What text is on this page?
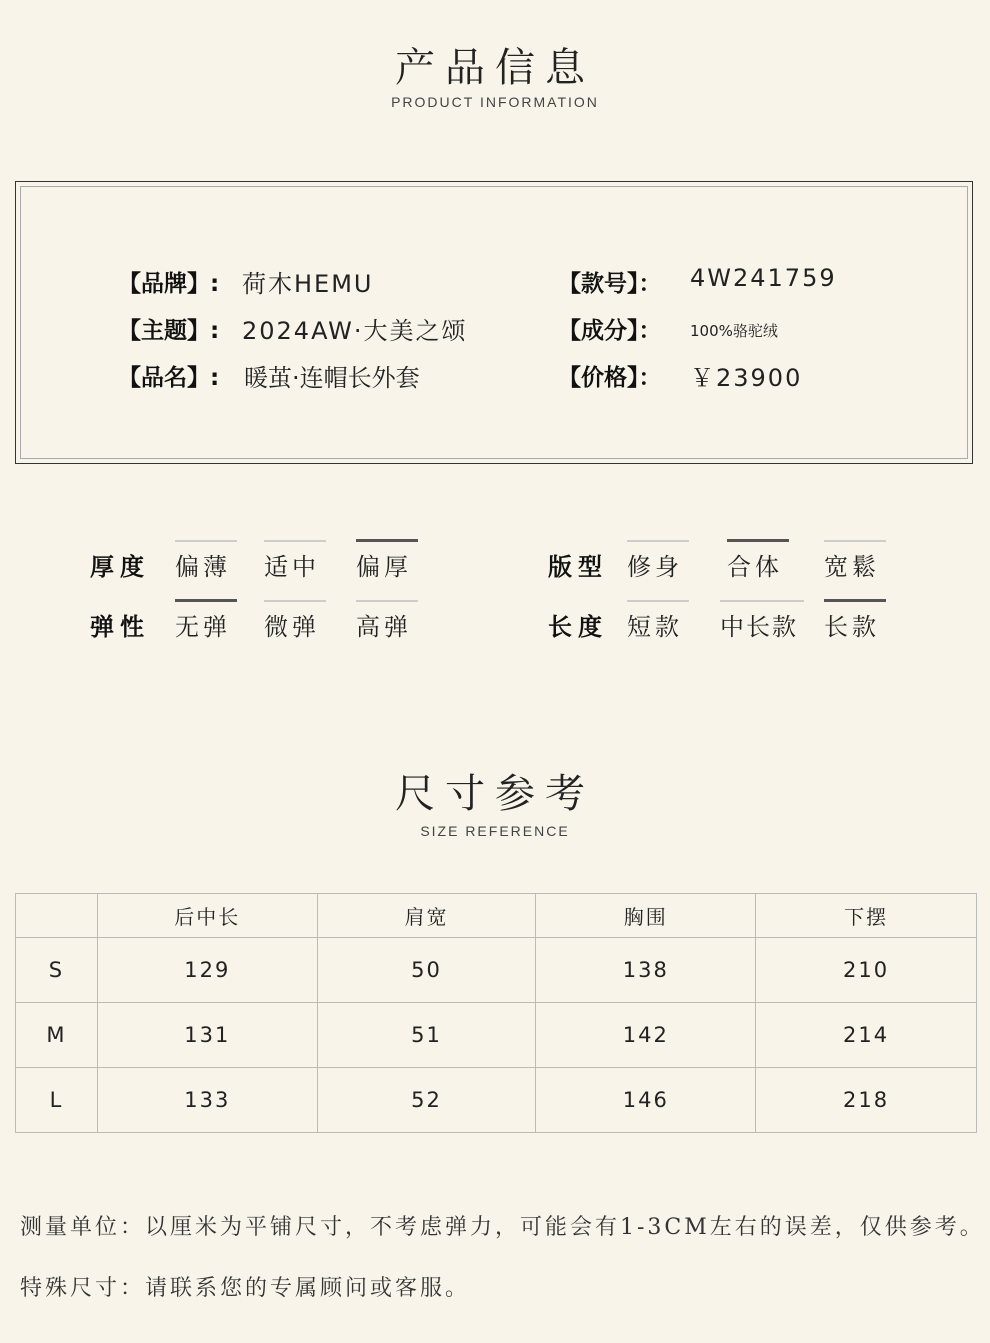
产品信息
PRODUCT INFORMATION
【品牌】: 荷木HEMU
【主题】: 2024AW·大美之颂
【品名】: 暖茧·连帽长外套
【款号】： 4W241759
【成分】： 100%骆驼绒
【价格】： ￥23900
厚度 偏薄 适中 偏厚
弹性 无弹 微弹 高弹
版型 修身 合体 宽鬆
长度 短款 中长款 长款
尺寸参考
SIZE REFERENCE
	后中长	肩宽	胸围	下摆
S	129	50	138	210
M	131	51	142	214
L	133	52	146	218
测量单位：以厘米为平铺尺寸，不考虑弹力，可能会有1-3CM左右的误差，仅供参考。
特殊尺寸：请联系您的专属顾问或客服。
